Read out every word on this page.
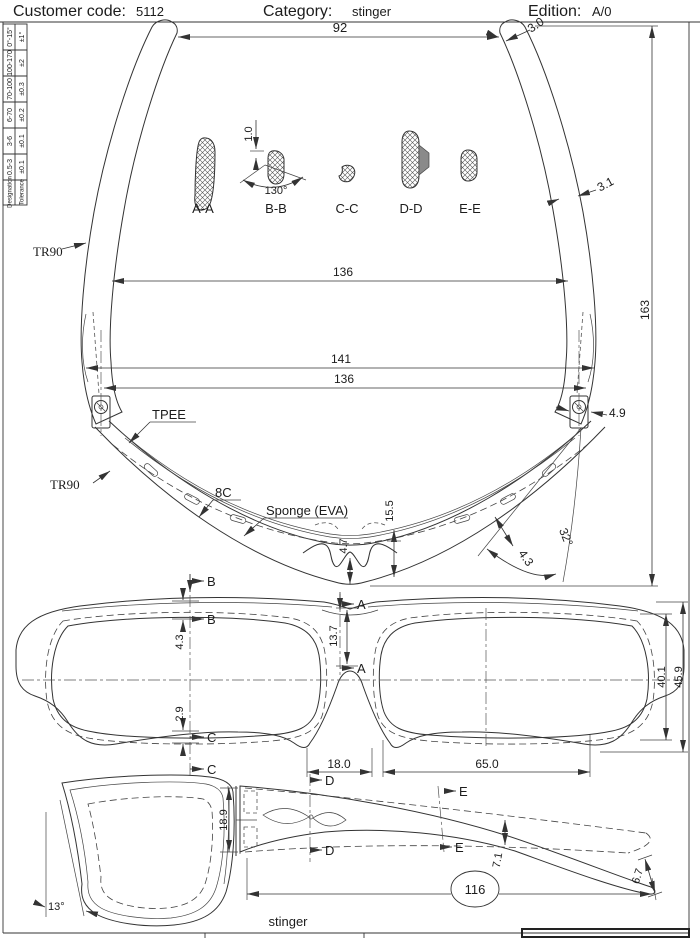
Customer code: 5112	Category: stinger	Edition: A/0
0°-15° ±1°
100-170 ±2
70-100 ±0.3
6-70 ±0.2
3-6 ±0.1
0.5-3 ±0.1
Designation Tolerance
1.0
130°
A-A	B-B	C-C	D-D	E-E
92	3.0
3.1
163
136
141
136
4.9
15.5
4.7	32°
4.3
TR90
TR90
TPEE
8C
Sponge (EVA)
B
B
C
C
A
A
4.3
2.9
13.7
18.0	65.0
40.1 45.9
D
D
E
E
13°
18.9
7.1
116
6.7
stinger
